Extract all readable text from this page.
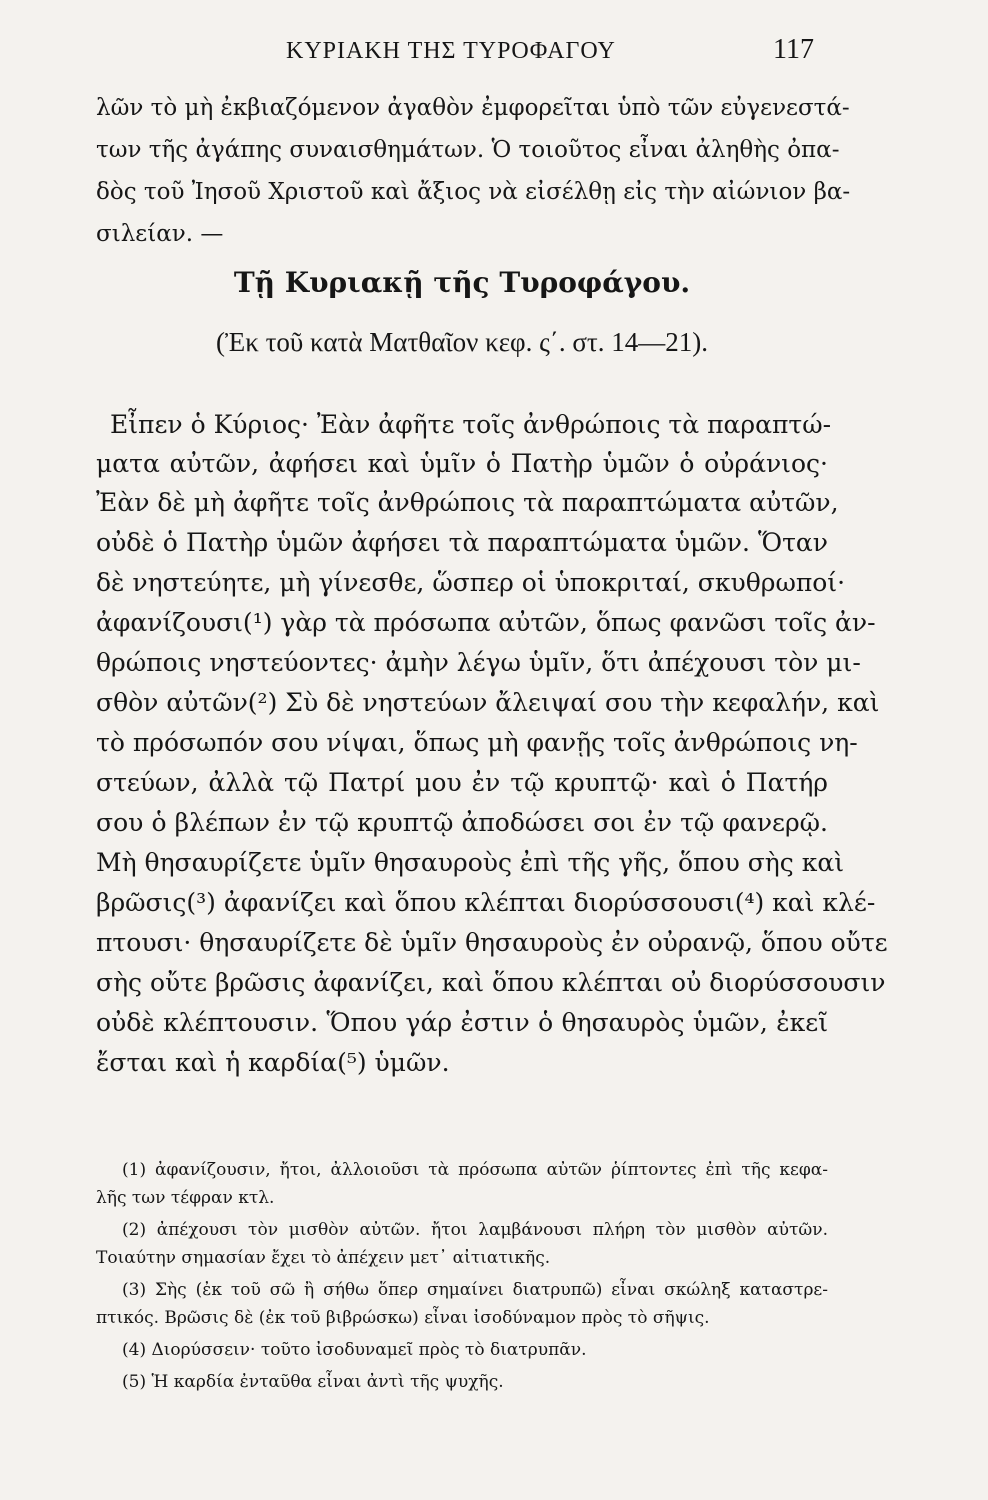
ΚΥΡΙΑΚΗ ΤΗΣ ΤΥΡΟΦΑΓΟΥ	117
λῶν τὸ μὴ ἐκβιαζόμενον ἀγαθὸν ἐμφορεῖται ὑπὸ τῶν εὐγενεστά-
των τῆς ἀγάπης συναισθημάτων. Ὁ τοιοῦτος εἶναι ἀληθὴς ὀπα-
δὸς τοῦ Ἰησοῦ Χριστοῦ καὶ ἄξιος νὰ εἰσέλθῃ εἰς τὴν αἰώνιον βα-
σιλείαν. —
Τῇ Κυριακῇ τῆς Τυροφάγου.
(Ἐκ τοῦ κατὰ Ματθαῖον κεφ. ς΄. στ. 14—21).
Εἶπεν ὁ Κύριος· Ἐὰν ἀφῆτε τοῖς ἀνθρώποις τὰ παραπτώ-
ματα αὐτῶν, ἀφήσει καὶ ὑμῖν ὁ Πατὴρ ὑμῶν ὁ οὐράνιος·
Ἐὰν δὲ μὴ ἀφῆτε τοῖς ἀνθρώποις τὰ παραπτώματα αὐτῶν,
οὐδὲ ὁ Πατὴρ ὑμῶν ἀφήσει τὰ παραπτώματα ὑμῶν. Ὅταν
δὲ νηστεύητε, μὴ γίνεσθε, ὥσπερ οἱ ὑποκριταί, σκυθρωποί·
ἀφανίζουσι(¹) γὰρ τὰ πρόσωπα αὐτῶν, ὅπως φανῶσι τοῖς ἀν-
θρώποις νηστεύοντες· ἀμὴν λέγω ὑμῖν, ὅτι ἀπέχουσι τὸν μι-
σθὸν αὐτῶν(²) Σὺ δὲ νηστεύων ἄλειψαί σου τὴν κεφαλήν, καὶ
τὸ πρόσωπόν σου νίψαι, ὅπως μὴ φανῇς τοῖς ἀνθρώποις νη-
στεύων, ἀλλὰ τῷ Πατρί μου ἐν τῷ κρυπτῷ· καὶ ὁ Πατήρ
σου ὁ βλέπων ἐν τῷ κρυπτῷ ἀποδώσει σοι ἐν τῷ φανερῷ.
Μὴ θησαυρίζετε ὑμῖν θησαυροὺς ἐπὶ τῆς γῆς, ὅπου σὴς καὶ
βρῶσις(³) ἀφανίζει καὶ ὅπου κλέπται διορύσσουσι(⁴) καὶ κλέ-
πτουσι· θησαυρίζετε δὲ ὑμῖν θησαυροὺς ἐν οὐρανῷ, ὅπου οὔτε
σὴς οὔτε βρῶσις ἀφανίζει, καὶ ὅπου κλέπται οὐ διορύσσουσιν
οὐδὲ κλέπτουσιν. Ὅπου γάρ ἐστιν ὁ θησαυρὸς ὑμῶν, ἐκεῖ
ἔσται καὶ ἡ καρδία(⁵) ὑμῶν.
(1) ἀφανίζουσιν, ἤτοι, ἀλλοιοῦσι τὰ πρόσωπα αὐτῶν ῥίπτοντες ἐπὶ τῆς κεφα-
λῆς των τέφραν κτλ.
(2) ἀπέχουσι τὸν μισθὸν αὐτῶν. ἤτοι λαμβάνουσι πλήρη τὸν μισθὸν αὐτῶν.
Τοιαύτην σημασίαν ἔχει τὸ ἀπέχειν μετ᾽ αἰτιατικῆς.
(3) Σὴς (ἐκ τοῦ σῶ ἢ σήθω ὅπερ σημαίνει διατρυπῶ) εἶναι σκώληξ καταστρε-
πτικός. Βρῶσις δὲ (ἐκ τοῦ βιβρώσκω) εἶναι ἰσοδύναμον πρὸς τὸ σῆψις.
(4) Διορύσσειν· τοῦτο ἰσοδυναμεῖ πρὸς τὸ διατρυπᾶν.
(5) Ἡ καρδία ἐνταῦθα εἶναι ἀντὶ τῆς ψυχῆς.
